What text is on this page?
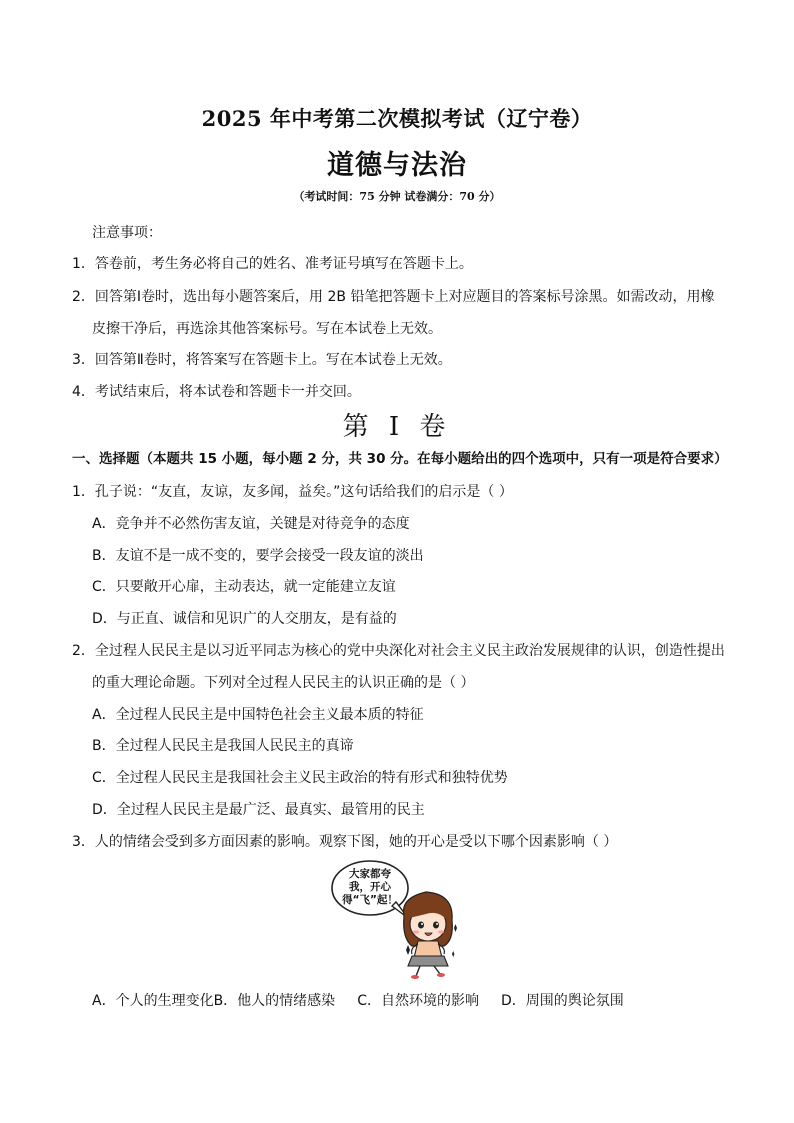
2025 年中考第二次模拟考试（辽宁卷）
道德与法治
（考试时间：75 分钟 试卷满分：70 分）
注意事项：
1．答卷前，考生务必将自己的姓名、准考证号填写在答题卡上。
2．回答第Ⅰ卷时，选出每小题答案后，用 2B 铅笔把答题卡上对应题目的答案标号涂黑。如需改动，用橡
皮擦干净后，再选涂其他答案标号。写在本试卷上无效。
3．回答第Ⅱ卷时，将答案写在答题卡上。写在本试卷上无效。
4．考试结束后，将本试卷和答题卡一并交回。
第 I 卷
一、选择题（本题共 15 小题，每小题 2 分，共 30 分。在每小题给出的四个选项中，只有一项是符合要求）
1．孔子说：“友直，友谅，友多闻，益矣。”这句话给我们的启示是（ ）
A．竞争并不必然伤害友谊，关键是对待竞争的态度
B．友谊不是一成不变的，要学会接受一段友谊的淡出
C．只要敞开心扉，主动表达，就一定能建立友谊
D．与正直、诚信和见识广的人交朋友，是有益的
2．全过程人民民主是以习近平同志为核心的党中央深化对社会主义民主政治发展规律的认识，创造性提出
的重大理论命题。下列对全过程人民民主的认识正确的是（ ）
A．全过程人民民主是中国特色社会主义最本质的特征
B．全过程人民民主是我国人民民主的真谛
C．全过程人民民主是我国社会主义民主政治的特有形式和独特优势
D．全过程人民民主是最广泛、最真实、最管用的民主
3．人的情绪会受到多方面因素的影响。观察下图，她的开心是受以下哪个因素影响（ ）
大家都夸
我，开心
得“飞”起！
A．个人的生理变化B．他人的情绪感染 C．自然环境的影响 D．周围的舆论氛围
